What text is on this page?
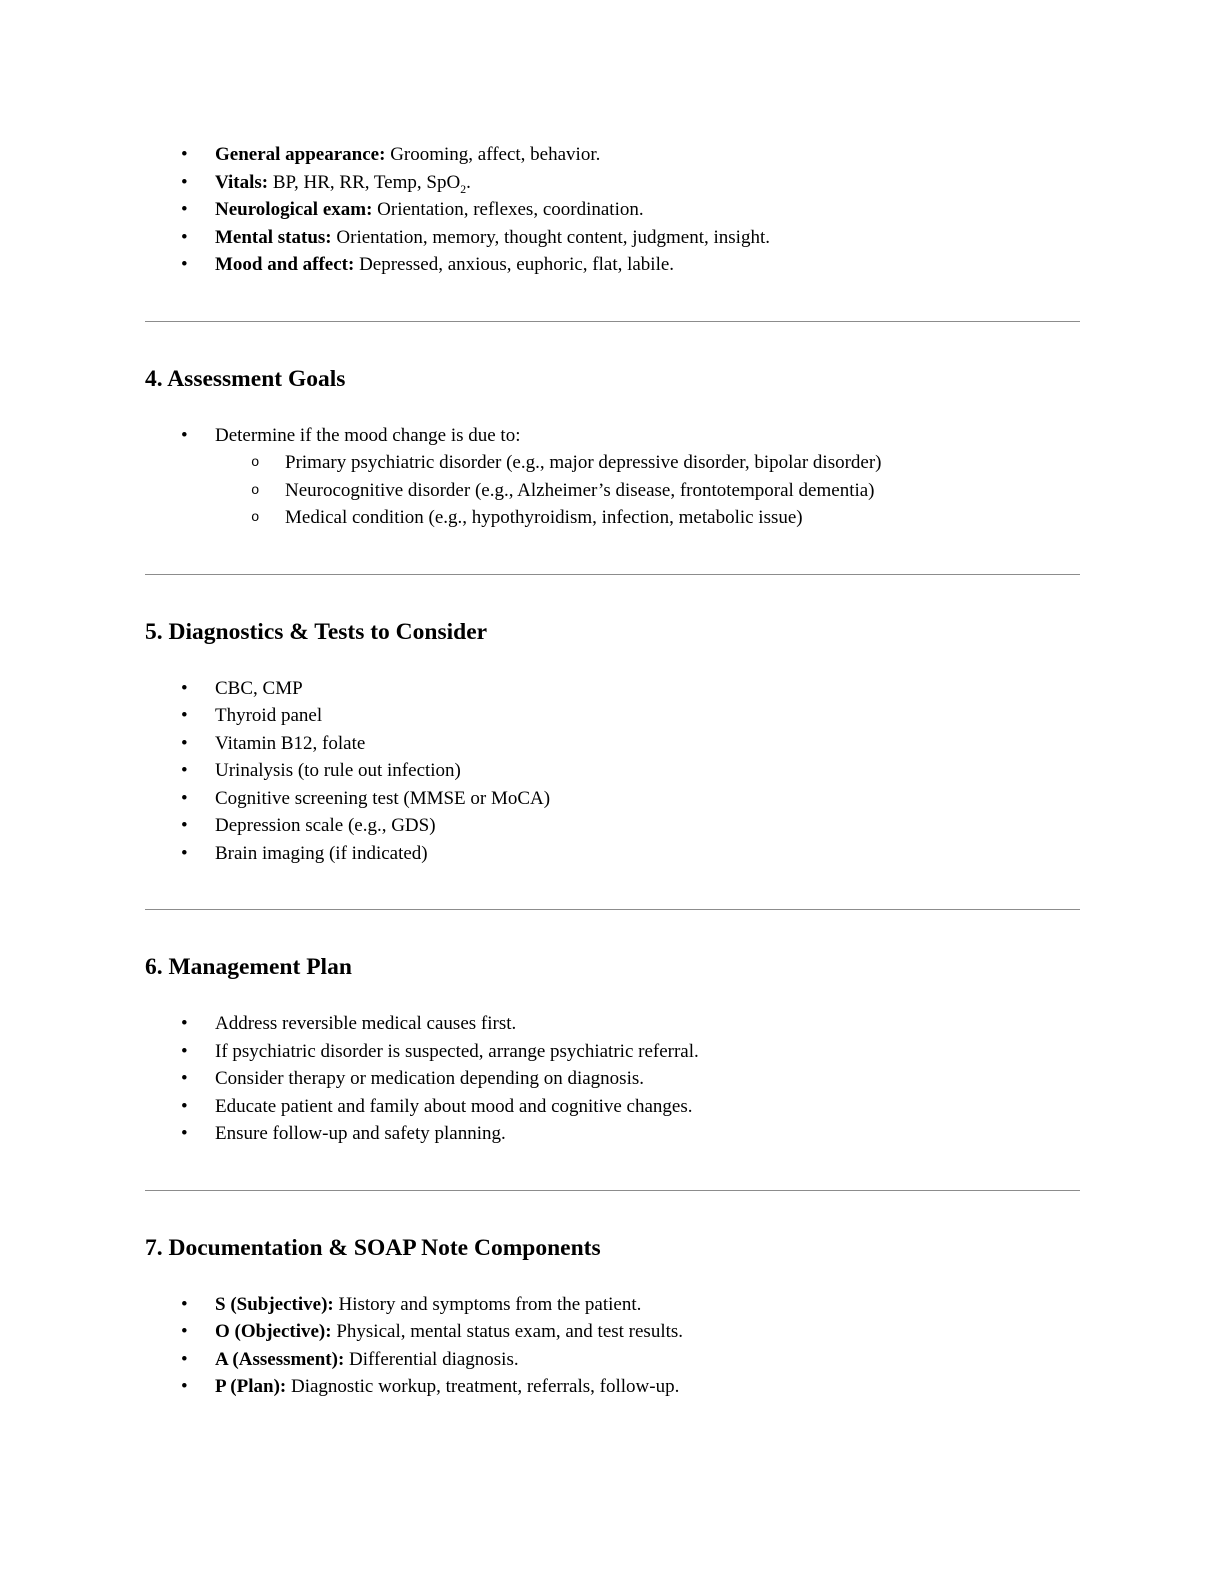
• General appearance: Grooming, affect, behavior.
• Vitals: BP, HR, RR, Temp, SpO$_2$.
• Neurological exam: Orientation, reflexes, coordination.
• Mental status: Orientation, memory, thought content, judgment, insight.
• Mood and affect: Depressed, anxious, euphoric, flat, labile.
4. Assessment Goals
• Determine if the mood change is due to:
o Primary psychiatric disorder (e.g., major depressive disorder, bipolar disorder)
o Neurocognitive disorder (e.g., Alzheimer’s disease, frontotemporal dementia)
o Medical condition (e.g., hypothyroidism, infection, metabolic issue)
5. Diagnostics & Tests to Consider
• CBC, CMP
• Thyroid panel
• Vitamin B12, folate
• Urinalysis (to rule out infection)
• Cognitive screening test (MMSE or MoCA)
• Depression scale (e.g., GDS)
• Brain imaging (if indicated)
6. Management Plan
• Address reversible medical causes first.
• If psychiatric disorder is suspected, arrange psychiatric referral.
• Consider therapy or medication depending on diagnosis.
• Educate patient and family about mood and cognitive changes.
• Ensure follow-up and safety planning.
7. Documentation & SOAP Note Components
• S (Subjective): History and symptoms from the patient.
• O (Objective): Physical, mental status exam, and test results.
• A (Assessment): Differential diagnosis.
• P (Plan): Diagnostic workup, treatment, referrals, follow-up.
